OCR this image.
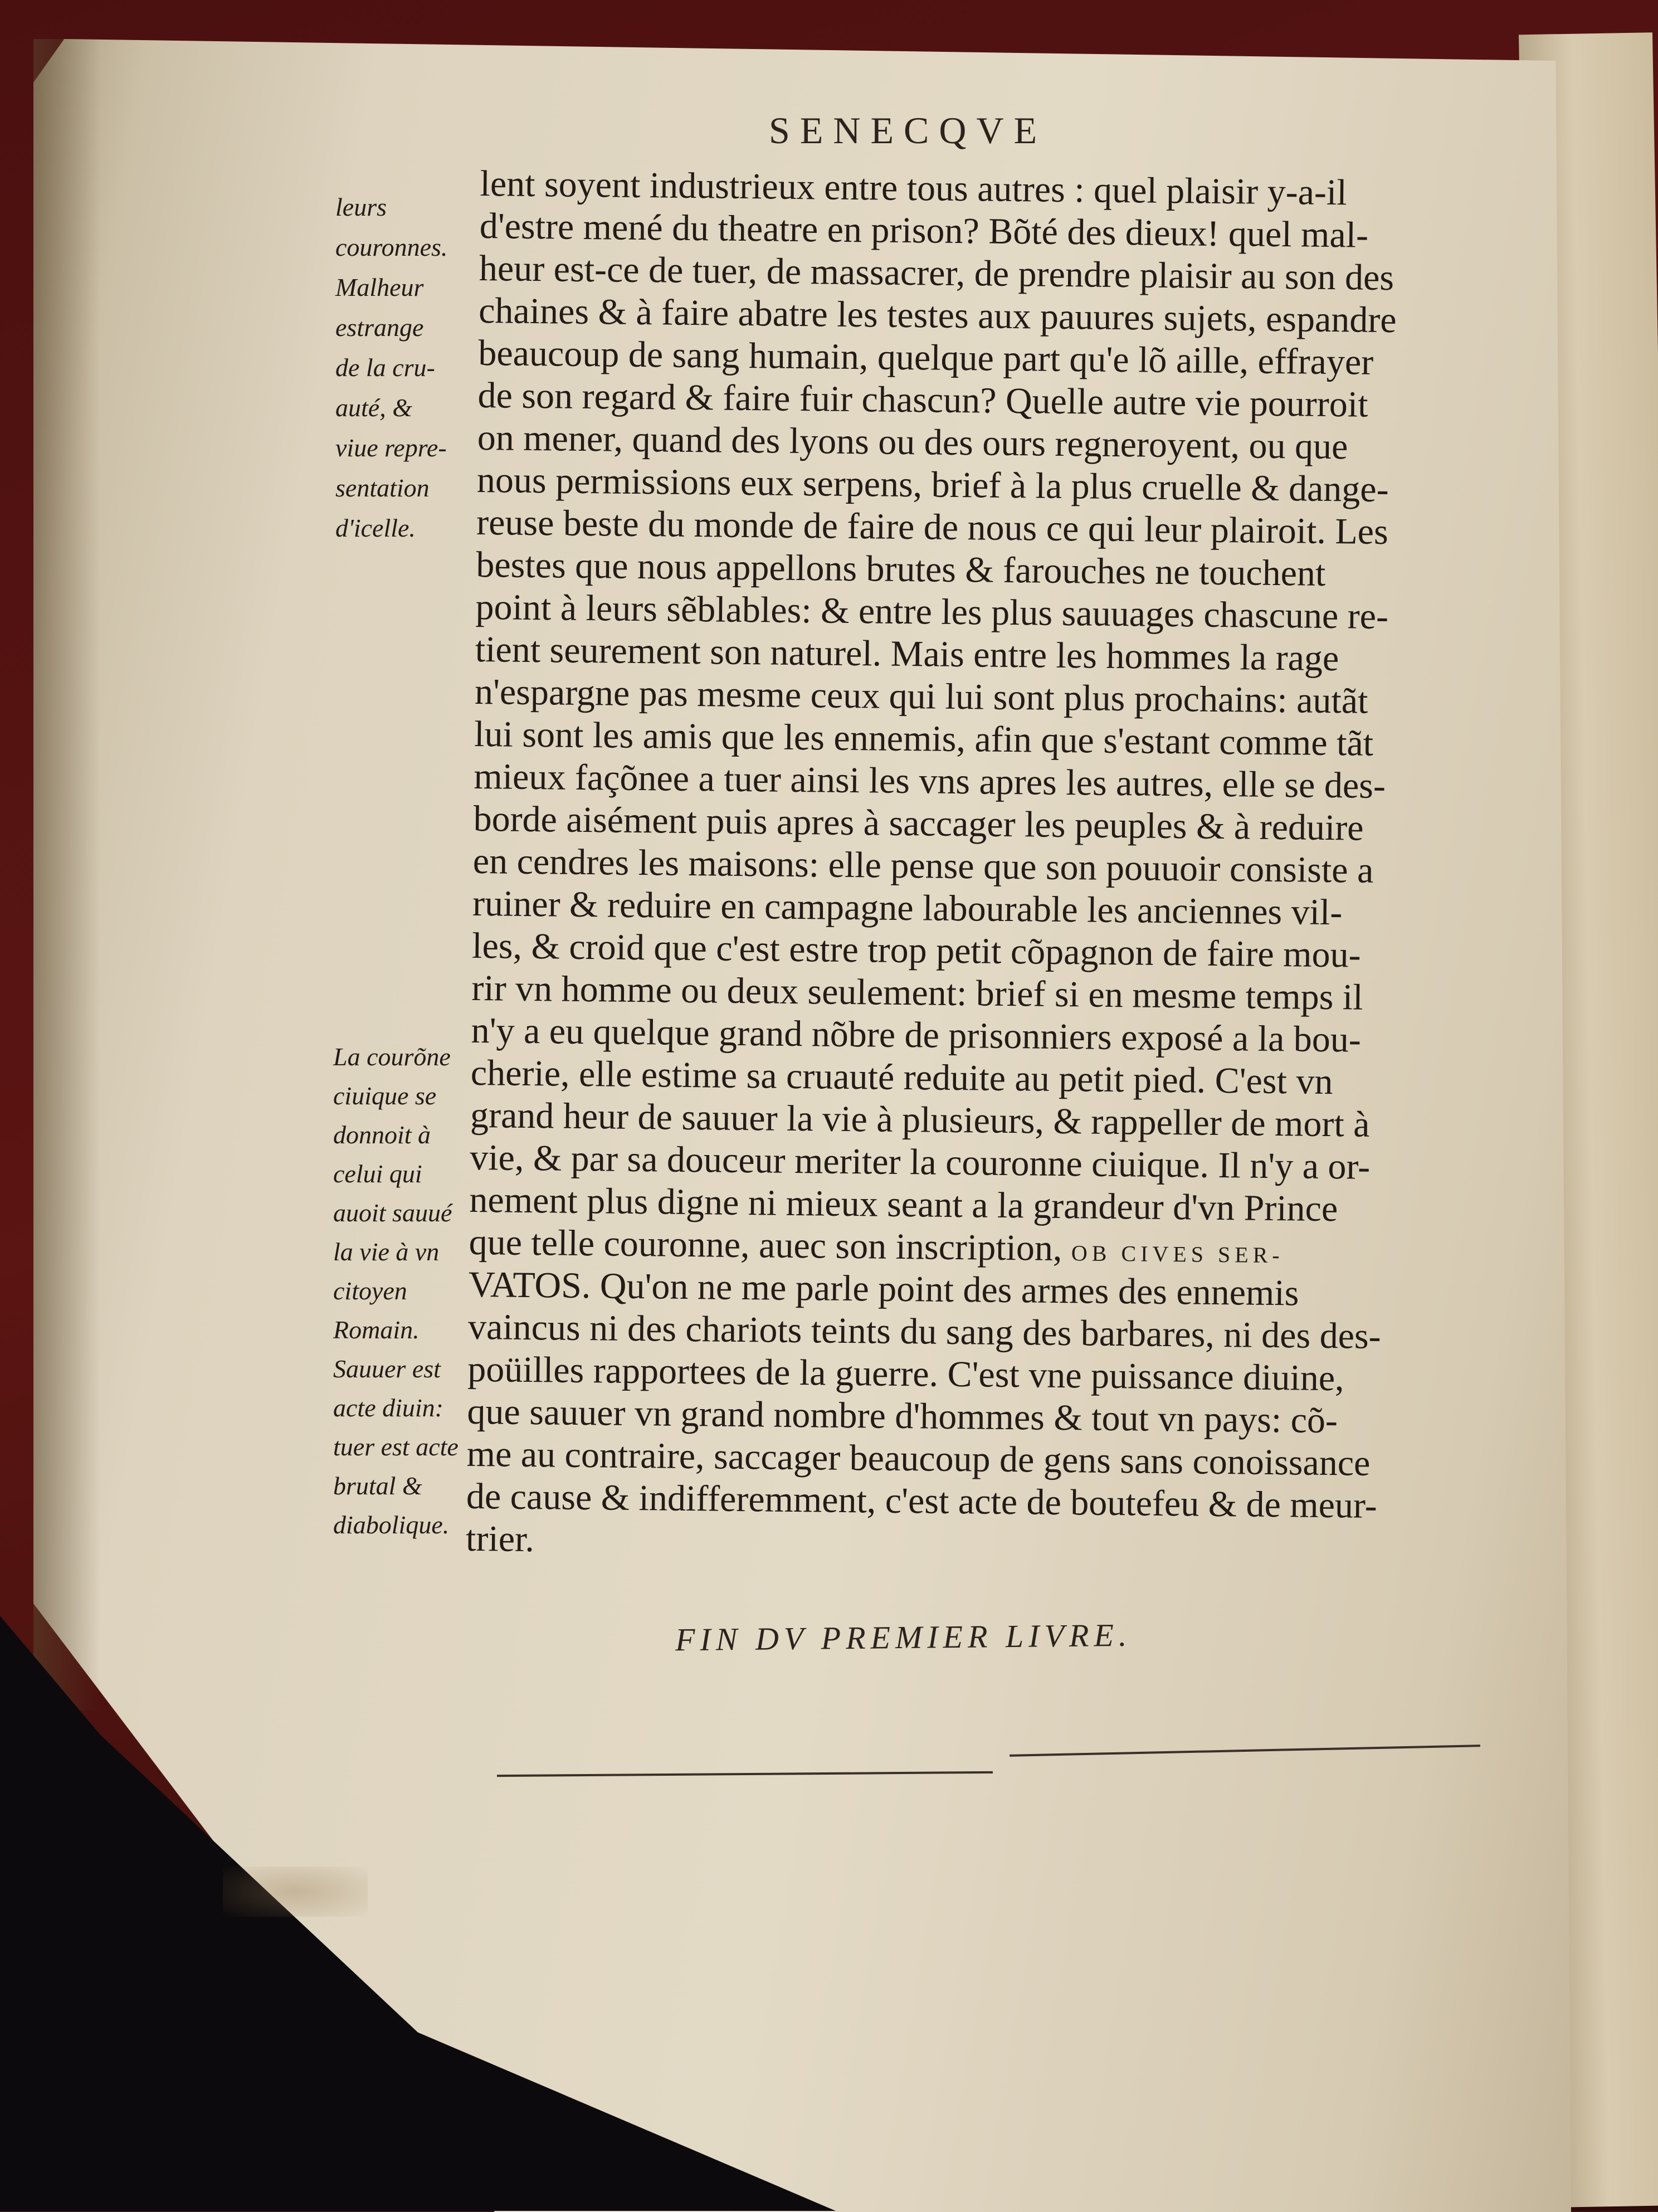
SENECQVE
leurs
couronnes.
Malheur
estrange
de la cru-
auté, &
viue repre-
sentation
d'icelle.
La courõne
ciuique se
donnoit à
celui qui
auoit sauué
la vie à vn
citoyen
Romain.
Sauuer est
acte diuin:
tuer est acte
brutal &
diabolique.
lent soyent industrieux entre tous autres : quel plaisir y-a-il
d'estre mené du theatre en prison? Bõté des dieux! quel mal-
heur est-ce de tuer, de massacrer, de prendre plaisir au son des
chaines & à faire abatre les testes aux pauures sujets, espandre
beaucoup de sang humain, quelque part qu'e lõ aille, effrayer
de son regard & faire fuir chascun? Quelle autre vie pourroit
on mener, quand des lyons ou des ours regneroyent, ou que
nous permissions eux serpens, brief à la plus cruelle & dange-
reuse beste du monde de faire de nous ce qui leur plairoit. Les
bestes que nous appellons brutes & farouches ne touchent
point à leurs sẽblables: & entre les plus sauuages chascune re-
tient seurement son naturel. Mais entre les hommes la rage
n'espargne pas mesme ceux qui lui sont plus prochains: autãt
lui sont les amis que les ennemis, afin que s'estant comme tãt
mieux façõnee a tuer ainsi les vns apres les autres, elle se des-
borde aisément puis apres à saccager les peuples & à reduire
en cendres les maisons: elle pense que son pouuoir consiste a
ruiner & reduire en campagne labourable les anciennes vil-
les, & croid que c'est estre trop petit cõpagnon de faire mou-
rir vn homme ou deux seulement: brief si en mesme temps il
n'y a eu quelque grand nõbre de prisonniers exposé a la bou-
cherie, elle estime sa cruauté reduite au petit pied. C'est vn
grand heur de sauuer la vie à plusieurs, & rappeller de mort à
vie, & par sa douceur meriter la couronne ciuique. Il n'y a or-
nement plus digne ni mieux seant a la grandeur d'vn Prince
que telle couronne, auec son inscription, OB CIVES SER-
VATOS. Qu'on ne me parle point des armes des ennemis
vaincus ni des chariots teints du sang des barbares, ni des des-
poüilles rapportees de la guerre. C'est vne puissance diuine,
que sauuer vn grand nombre d'hommes & tout vn pays: cõ-
me au contraire, saccager beaucoup de gens sans conoissance
de cause & indifferemment, c'est acte de boutefeu & de meur-
trier.
FIN DV PREMIER LIVRE.
